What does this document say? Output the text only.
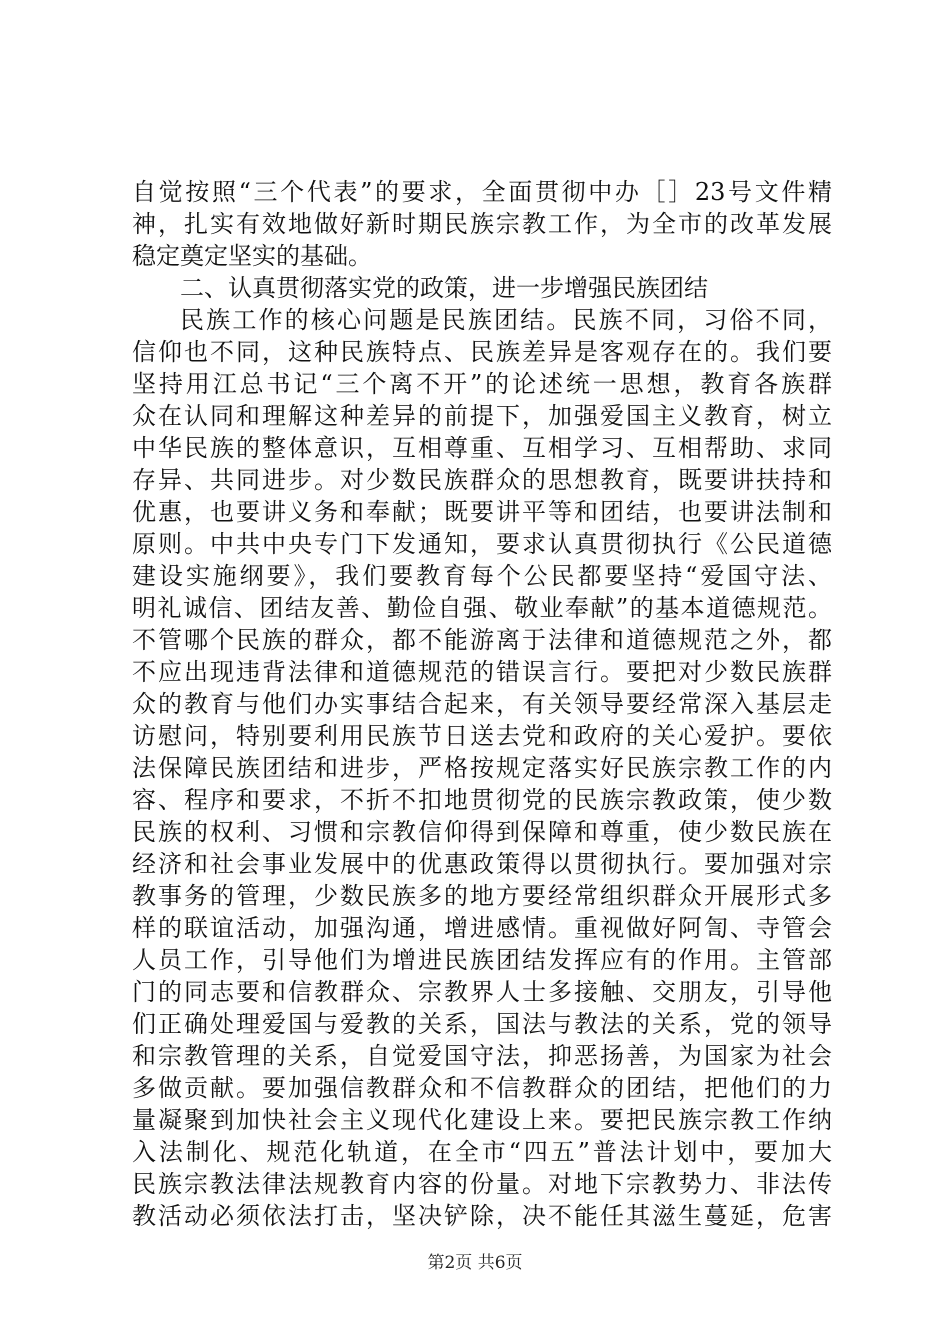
自觉按照“三个代表”的要求，全面贯彻中办［］23号文件精
神，扎实有效地做好新时期民族宗教工作，为全市的改革发展
稳定奠定坚实的基础。
二、认真贯彻落实党的政策，进一步增强民族团结
民族工作的核心问题是民族团结。民族不同，习俗不同，
信仰也不同，这种民族特点、民族差异是客观存在的。我们要
坚持用江总书记“三个离不开”的论述统一思想，教育各族群
众在认同和理解这种差异的前提下，加强爱国主义教育，树立
中华民族的整体意识，互相尊重、互相学习、互相帮助、求同
存异、共同进步。对少数民族群众的思想教育，既要讲扶持和
优惠，也要讲义务和奉献；既要讲平等和团结，也要讲法制和
原则。中共中央专门下发通知，要求认真贯彻执行《公民道德
建设实施纲要》，我们要教育每个公民都要坚持“爱国守法、
明礼诚信、团结友善、勤俭自强、敬业奉献”的基本道德规范。
不管哪个民族的群众，都不能游离于法律和道德规范之外，都
不应出现违背法律和道德规范的错误言行。要把对少数民族群
众的教育与他们办实事结合起来，有关领导要经常深入基层走
访慰问，特别要利用民族节日送去党和政府的关心爱护。要依
法保障民族团结和进步，严格按规定落实好民族宗教工作的内
容、程序和要求，不折不扣地贯彻党的民族宗教政策，使少数
民族的权利、习惯和宗教信仰得到保障和尊重，使少数民族在
经济和社会事业发展中的优惠政策得以贯彻执行。要加强对宗
教事务的管理，少数民族多的地方要经常组织群众开展形式多
样的联谊活动，加强沟通，增进感情。重视做好阿訇、寺管会
人员工作，引导他们为增进民族团结发挥应有的作用。主管部
门的同志要和信教群众、宗教界人士多接触、交朋友，引导他
们正确处理爱国与爱教的关系，国法与教法的关系，党的领导
和宗教管理的关系，自觉爱国守法，抑恶扬善，为国家为社会
多做贡献。要加强信教群众和不信教群众的团结，把他们的力
量凝聚到加快社会主义现代化建设上来。要把民族宗教工作纳
入法制化、规范化轨道，在全市“四五”普法计划中，要加大
民族宗教法律法规教育内容的份量。对地下宗教势力、非法传
教活动必须依法打击，坚决铲除，决不能任其滋生蔓延，危害
第2页 共6页
